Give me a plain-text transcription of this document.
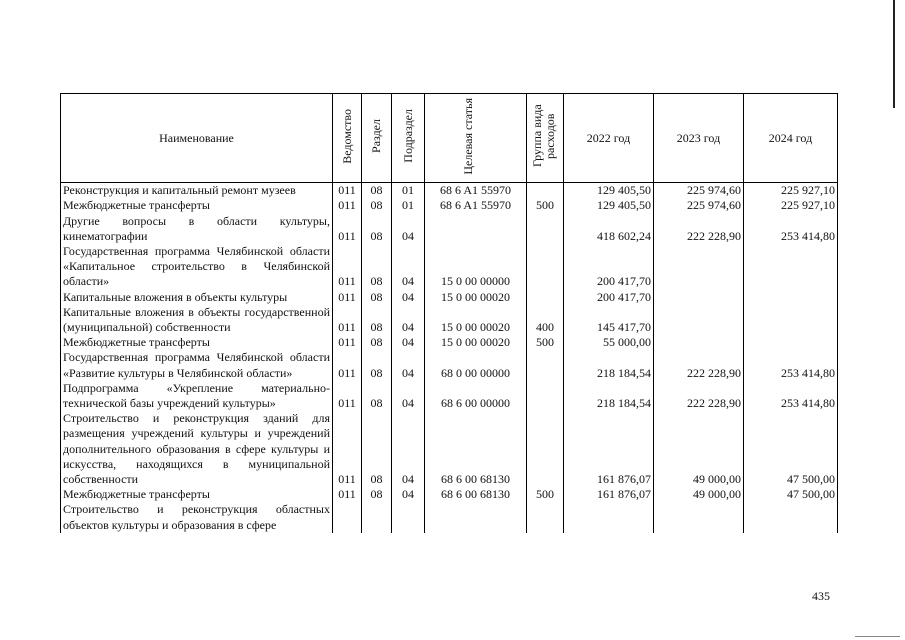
Наименование	Ведомство	Раздел	Подраздел	Целевая статья	Группа вида расходов	2022 год	2023 год	2024 год
Реконструкция и капитальный ремонт музеев	011	08	01	68 6 A1 55970		129 405,50	225 974,60	225 927,10
Межбюджетные трансферты	011	08	01	68 6 A1 55970	500	129 405,50	225 974,60	225 927,10
Другие вопросы в области культуры, кинематографии	011	08	04			418 602,24	222 228,90	253 414,80
Государственная программа Челябинской области «Капитальное строительство в Челябинской области»	011	08	04	15 0 00 00000		200 417,70		
Капитальные вложения в объекты культуры	011	08	04	15 0 00 00020		200 417,70		
Капитальные вложения в объекты государственной (муниципальной) собственности	011	08	04	15 0 00 00020	400	145 417,70		
Межбюджетные трансферты	011	08	04	15 0 00 00020	500	55 000,00		
Государственная программа Челябинской области «Развитие культуры в Челябинской области»	011	08	04	68 0 00 00000		218 184,54	222 228,90	253 414,80
Подпрограмма «Укрепление материально-технической базы учреждений культуры»	011	08	04	68 6 00 00000		218 184,54	222 228,90	253 414,80
Строительство и реконструкция зданий для размещения учреждений культуры и учреждений дополнительного образования в сфере культуры и искусства, находящихся в муниципальной собственности	011	08	04	68 6 00 68130		161 876,07	49 000,00	47 500,00
Межбюджетные трансферты	011	08	04	68 6 00 68130	500	161 876,07	49 000,00	47 500,00
Строительство и реконструкция областных объектов культуры и образования в сфере								
435
